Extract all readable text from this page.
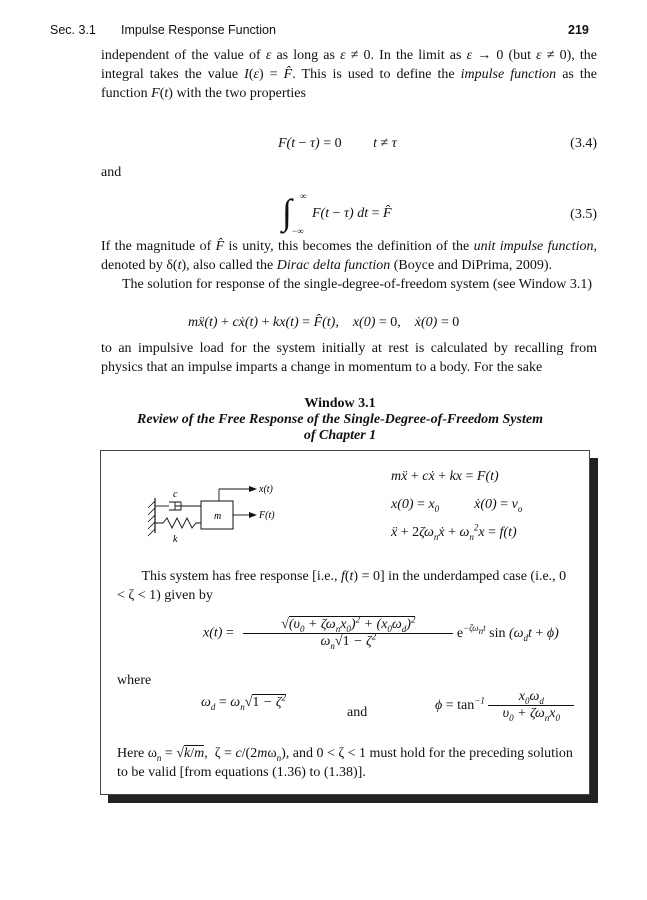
Sec. 3.1 Impulse Response Function	219
independent of the value of ε as long as ε ≠ 0. In the limit as ε → 0 (but ε ≠ 0), the integral takes the value I(ε) = F̂. This is used to define the impulse function as the function F(t) with the two properties
F(t − τ) = 0         t ≠ τ	(3.4)
and
∫ ∞
−∞
F(t − τ) dt = F̂	(3.5)
If the magnitude of F̂ is unity, this becomes the definition of the unit impulse function, denoted by δ(t), also called the Dirac delta function (Boyce and DiPrima, 2009).
The solution for response of the single-degree-of-freedom system (see Window 3.1)
mẍ(t) + cẋ(t) + kx(t) = F̂(t),    x(0) = 0,    ẋ(0) = 0
to an impulsive load for the system initially at rest is calculated by recalling from physics that an impulse imparts a change in momentum to a body. For the sake
Window 3.1
Review of the Free Response of the Single-Degree-of-Freedom System
of Chapter 1
c
m
k
x(t)
F(t)
mẍ + cẋ + kx = F(t)
$x(0) = x_0$          ẋ(0) = $v_o$
ẍ + $2\zeta\omega_nẋ + \omega_n^2x = f(t)$
This system has free response [i.e., f(t) = 0] in the underdamped case (i.e., 0 < ζ < 1) given by
$x(t) = \frac{√(\upsilon_0 + \zeta\omega_nx_0)^2 + (x_0\omega_d)^2}{\omega_n√1 - \zeta^2} e^{-\zeta\omega_nt}$ $\sin (\omega_dt + \phi)$
where
$\omega_d = \omega_n√1 - \zeta^2$
and	$\phi = \tan^{-1} \frac{x_0\omega_d}{\upsilon_0 + \zeta\omega_nx_0}$
Here $\omega_n = √k/m$,  $\zeta = c/(2m\omega_n)$, and 0 < ζ < 1 must hold for the preceding solution to be valid [from equations (1.36) to (1.38)].
